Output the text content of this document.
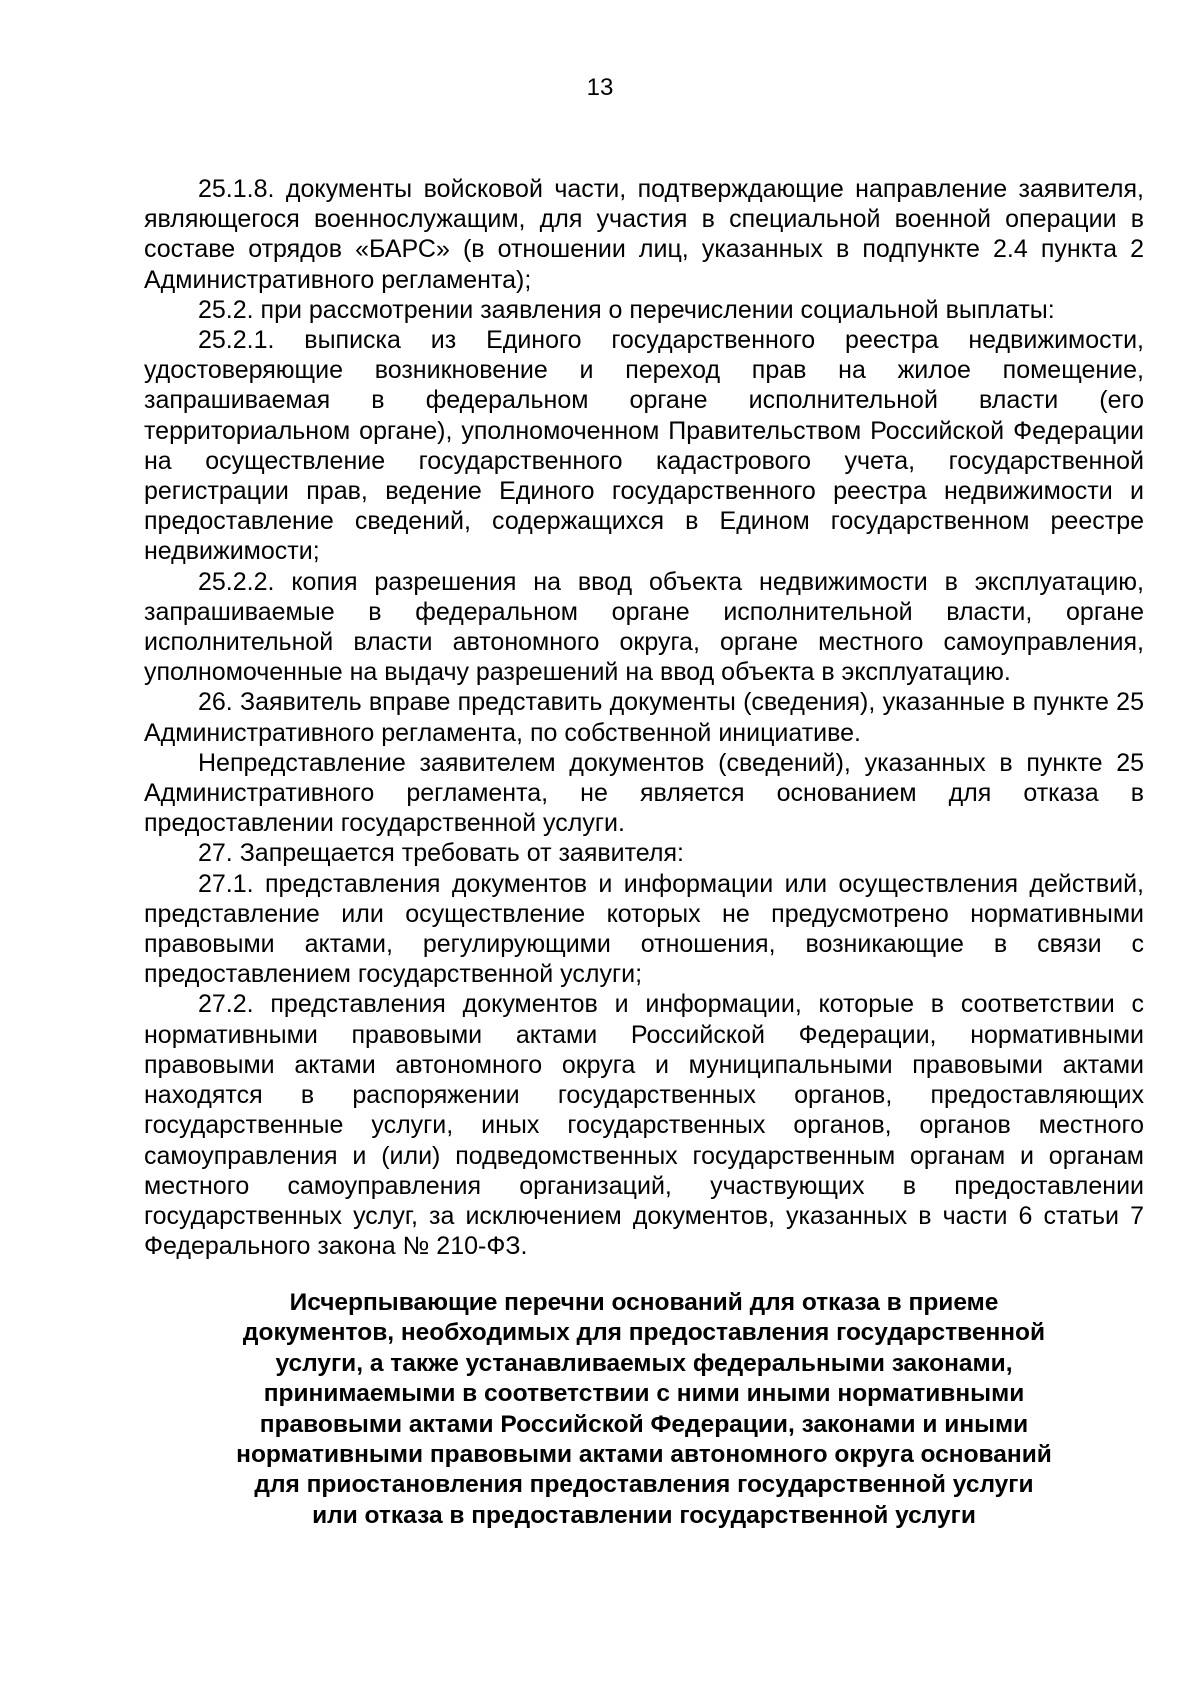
13

25.1.8. документы войсковой части, подтверждающие направление заявителя, являющегося военнослужащим, для участия в специальной военной операции в составе отрядов «БАРС» (в отношении лиц, указанных в подпункте 2.4 пункта 2 Административного регламента);

25.2. при рассмотрении заявления о перечислении социальной выплаты:

25.2.1. выписка из Единого государственного реестра недвижимости, удостоверяющие возникновение и переход прав на жилое помещение, запрашиваемая в федеральном органе исполнительной власти (его территориальном органе), уполномоченном Правительством Российской Федерации на осуществление государственного кадастрового учета, государственной регистрации прав, ведение Единого государственного реестра недвижимости и предоставление сведений, содержащихся в Едином государственном реестре недвижимости;

25.2.2. копия разрешения на ввод объекта недвижимости в эксплуатацию, запрашиваемые в федеральном органе исполнительной власти, органе исполнительной власти автономного округа, органе местного самоуправления, уполномоченные на выдачу разрешений на ввод объекта в эксплуатацию.

26. Заявитель вправе представить документы (сведения), указанные в пункте 25 Административного регламента, по собственной инициативе.

Непредставление заявителем документов (сведений), указанных в пункте 25 Административного регламента, не является основанием для отказа в предоставлении государственной услуги.

27. Запрещается требовать от заявителя:

27.1. представления документов и информации или осуществления действий, представление или осуществление которых не предусмотрено нормативными правовыми актами, регулирующими отношения, возникающие в связи с предоставлением государственной услуги;

27.2. представления документов и информации, которые в соответствии с нормативными правовыми актами Российской Федерации, нормативными правовыми актами автономного округа и муниципальными правовыми актами находятся в распоряжении государственных органов, предоставляющих государственные услуги, иных государственных органов, органов местного самоуправления и (или) подведомственных государственным органам и органам местного самоуправления организаций, участвующих в предоставлении государственных услуг, за исключением документов, указанных в части 6 статьи 7 Федерального закона № 210-ФЗ.

Исчерпывающие перечни оснований для отказа в приеме
документов, необходимых для предоставления государственной
услуги, а также устанавливаемых федеральными законами,
принимаемыми в соответствии с ними иными нормативными
правовыми актами Российской Федерации, законами и иными
нормативными правовыми актами автономного округа оснований
для приостановления предоставления государственной услуги
или отказа в предоставлении государственной услуги
